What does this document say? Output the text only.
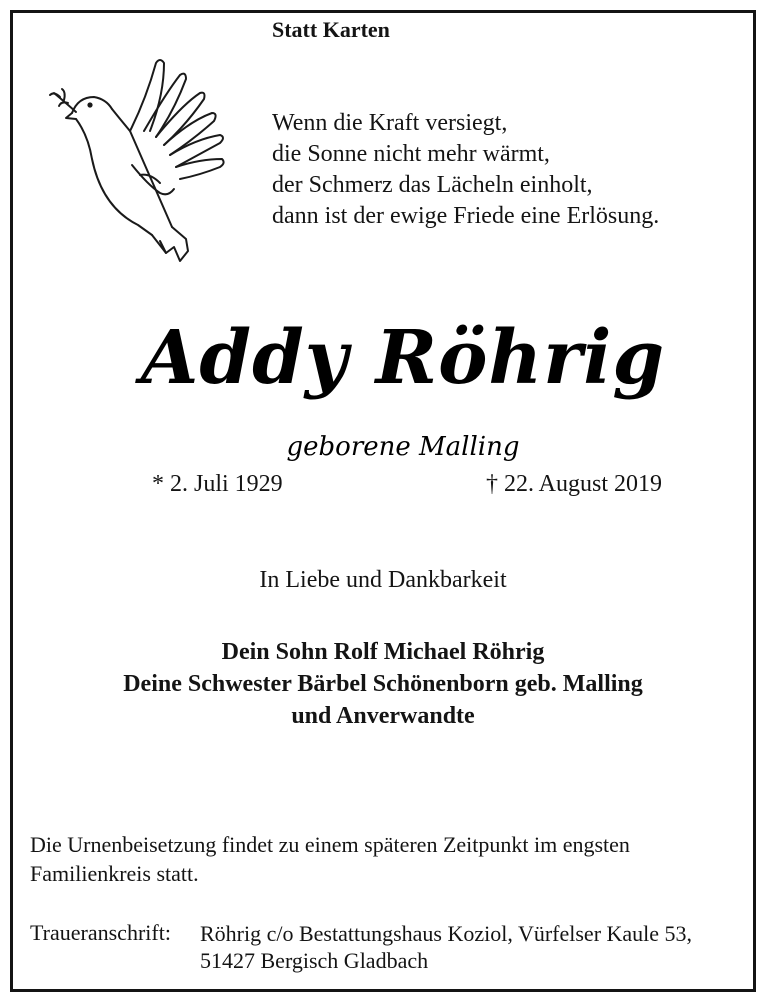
Statt Karten
Wenn die Kraft versiegt,
die Sonne nicht mehr wärmt,
der Schmerz das Lächeln einholt,
dann ist der ewige Friede eine Erlösung.
Addy Röhrig
geborene Malling
* 2. Juli 1929	† 22. August 2019
In Liebe und Dankbarkeit
Dein Sohn Rolf Michael Röhrig
Deine Schwester Bärbel Schönenborn geb. Malling
und Anverwandte
Die Urnenbeisetzung findet zu einem späteren Zeitpunkt im engsten Familienkreis statt.
Traueranschrift: Röhrig c/o Bestattungshaus Koziol, Vürfelser Kaule 53,
51427 Bergisch Gladbach
